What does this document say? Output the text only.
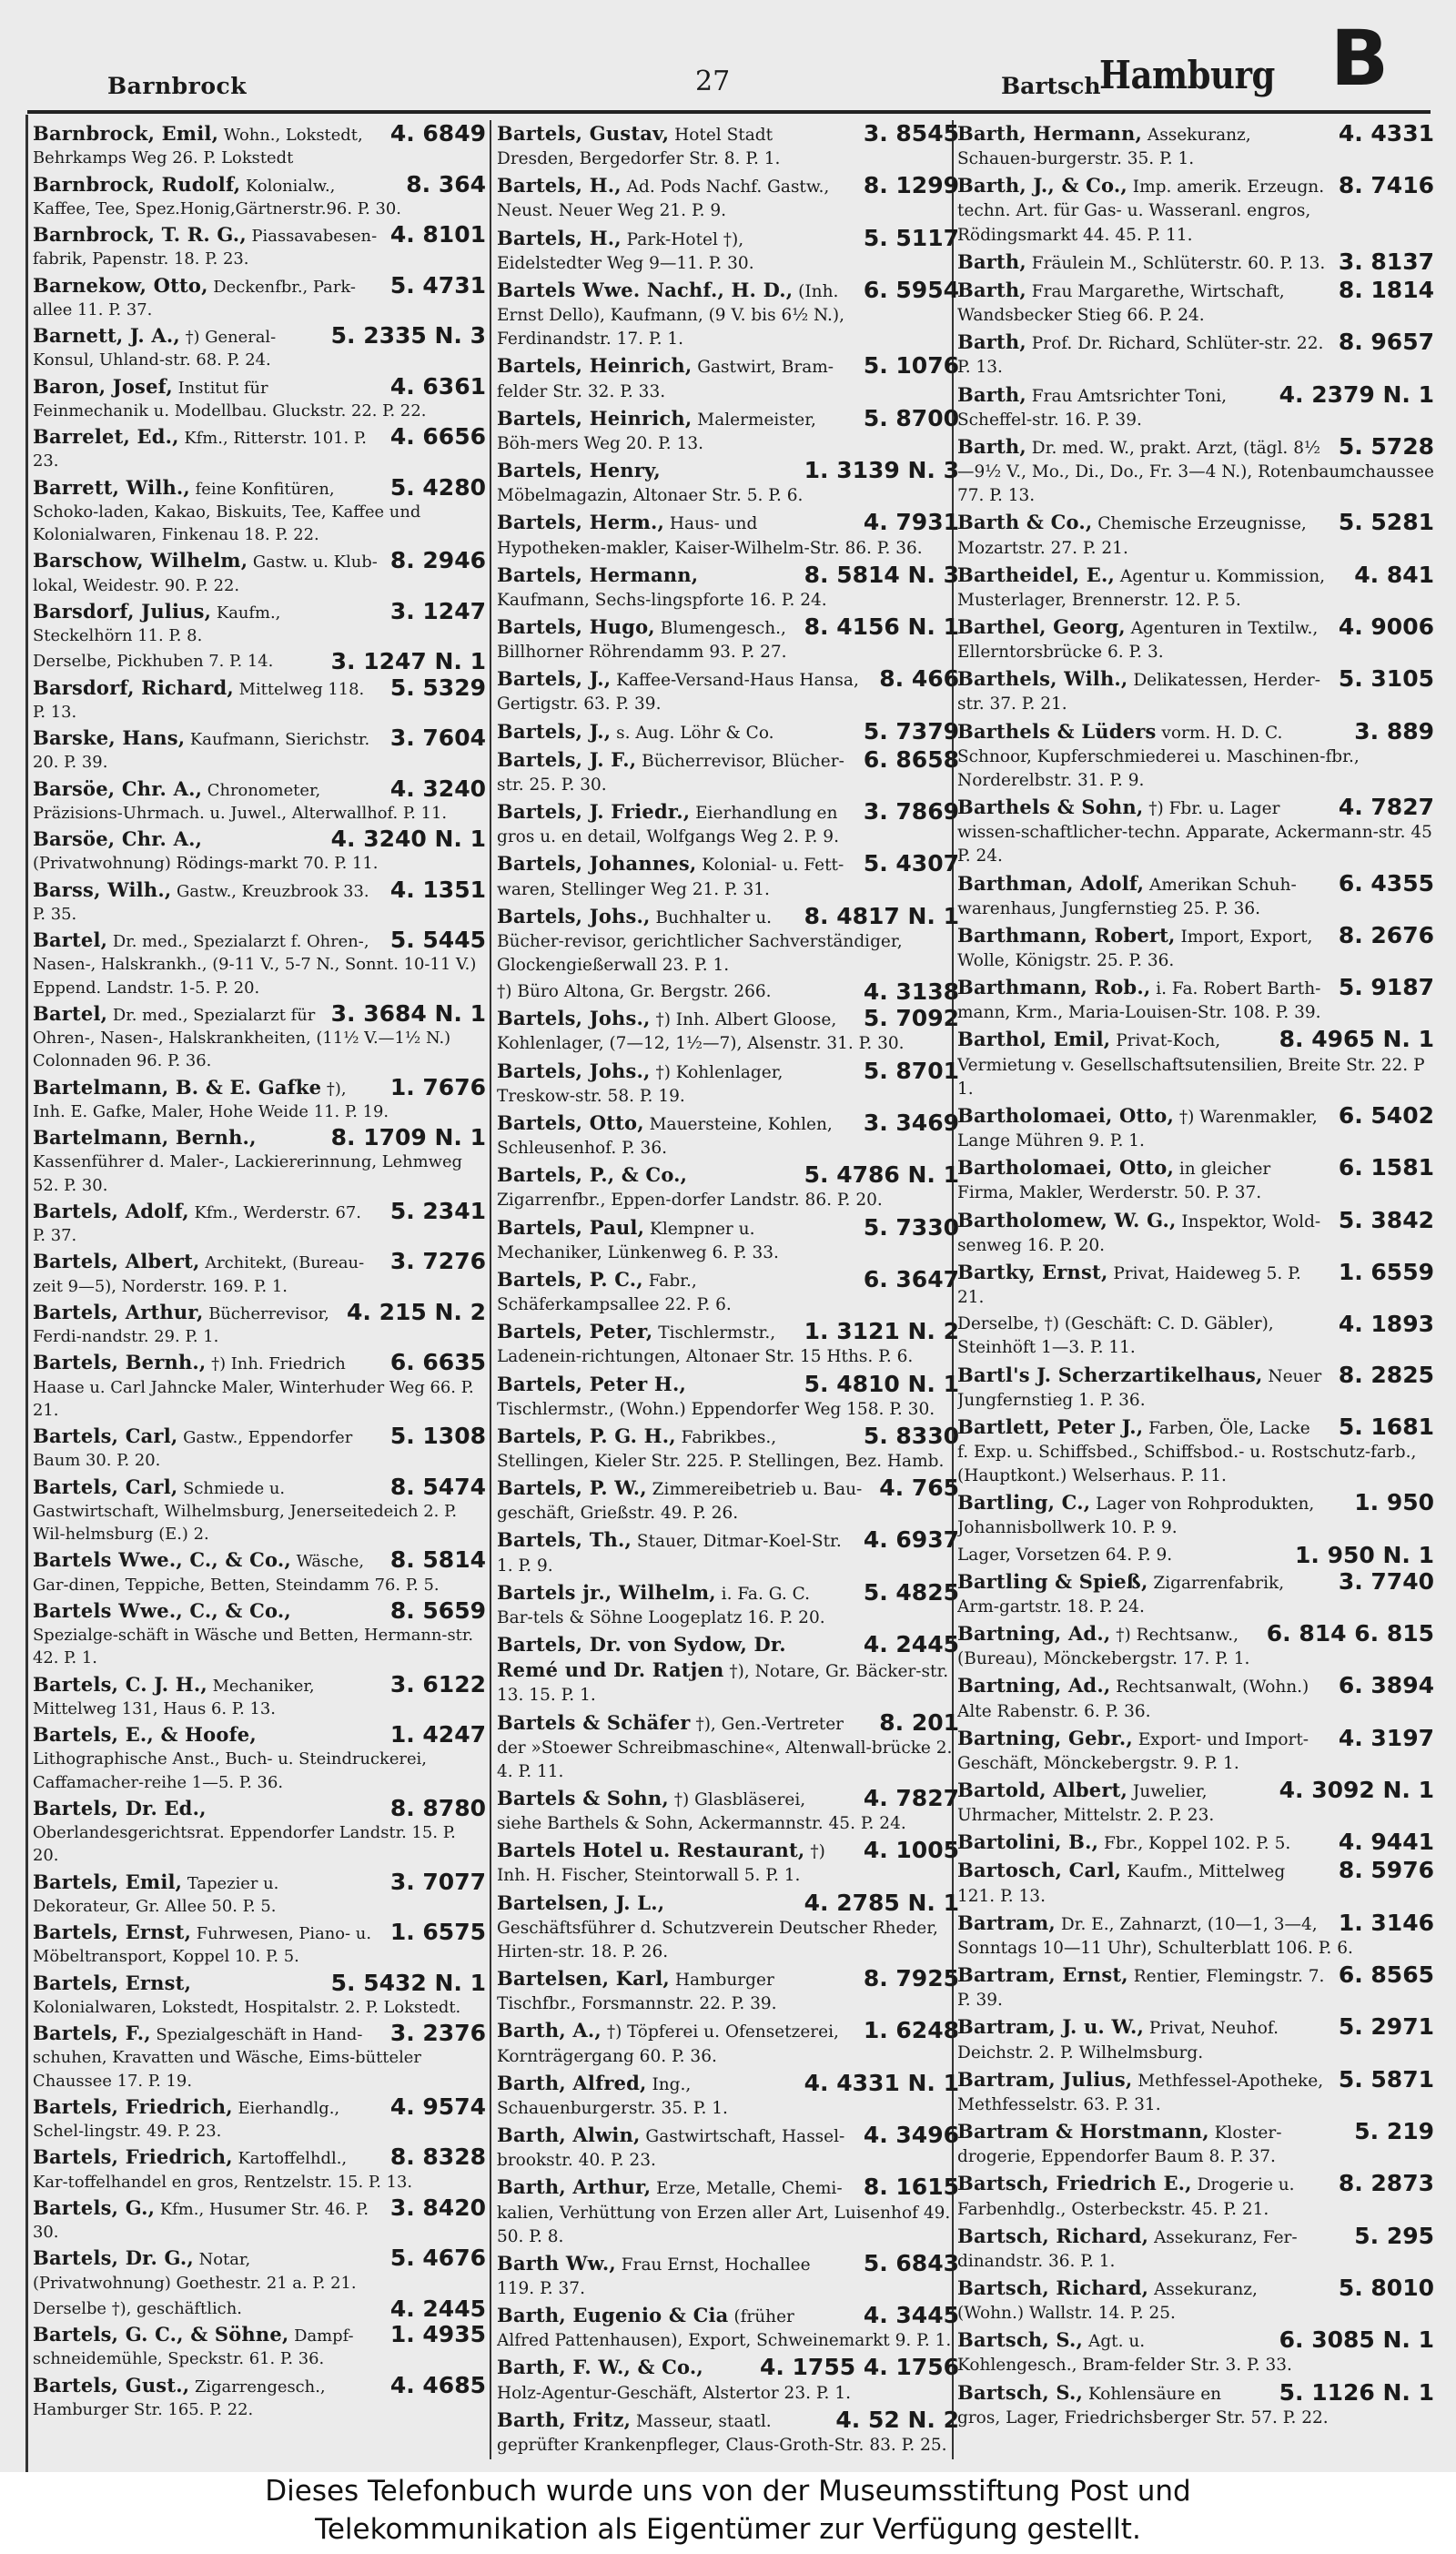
Barnbrock	27	Bartsch
Hamburg B
4. 6849
Barnbrock, Emil, Wohn., Lokstedt, Behrkamps Weg 26. P. Lokstedt
8. 364
Barnbrock, Rudolf, Kolonialw., Kaffee, Tee, Spez.Honig,Gärtnerstr.96. P. 30.
4. 8101
Barnbrock, T. R. G., Piassavabesen-fabrik, Papenstr. 18. P. 23.
5. 4731
Barnekow, Otto, Deckenfbr., Park-allee 11. P. 37.
5. 2335 N. 3
Barnett, J. A., †) General-Konsul, Uhland-str. 68. P. 24.
4. 6361
Baron, Josef, Institut für Feinmechanik u. Modellbau. Gluckstr. 22. P. 22.
4. 6656
Barrelet, Ed., Kfm., Ritterstr. 101. P. 23.
5. 4280
Barrett, Wilh., feine Konfitüren, Schoko-laden, Kakao, Biskuits, Tee, Kaffee und Kolonialwaren, Finkenau 18. P. 22.
8. 2946
Barschow, Wilhelm, Gastw. u. Klub-lokal, Weidestr. 90. P. 22.
3. 1247
Barsdorf, Julius, Kaufm., Steckelhörn 11. P. 8.
3. 1247 N. 1
Derselbe, Pickhuben 7. P. 14.
5. 5329
Barsdorf, Richard, Mittelweg 118. P. 13.
3. 7604
Barske, Hans, Kaufmann, Sierichstr. 20. P. 39.
4. 3240
Barsöe, Chr. A., Chronometer, Präzisions-Uhrmach. u. Juwel., Alterwallhof. P. 11.
4. 3240 N. 1
Barsöe, Chr. A., (Privatwohnung) Rödings-markt 70. P. 11.
4. 1351
Barss, Wilh., Gastw., Kreuzbrook 33. P. 35.
5. 5445
Bartel, Dr. med., Spezialarzt f. Ohren-, Nasen-, Halskrankh., (9-11 V., 5-7 N., Sonnt. 10-11 V.) Eppend. Landstr. 1-5. P. 20.
3. 3684 N. 1
Bartel, Dr. med., Spezialarzt für Ohren-, Nasen-, Halskrankheiten, (11½ V.—1½ N.) Colonnaden 96. P. 36.
1. 7676
Bartelmann, B. & E. Gafke †), Inh. E. Gafke, Maler, Hohe Weide 11. P. 19.
8. 1709 N. 1
Bartelmann, Bernh., Kassenführer d. Maler-, Lackiererinnung, Lehmweg 52. P. 30.
5. 2341
Bartels, Adolf, Kfm., Werderstr. 67. P. 37.
3. 7276
Bartels, Albert, Architekt, (Bureau-zeit 9—5), Norderstr. 169. P. 1.
4. 215 N. 2
Bartels, Arthur, Bücherrevisor, Ferdi-nandstr. 29. P. 1.
6. 6635
Bartels, Bernh., †) Inh. Friedrich Haase u. Carl Jahncke Maler, Winterhuder Weg 66. P. 21.
5. 1308
Bartels, Carl, Gastw., Eppendorfer Baum 30. P. 20.
8. 5474
Bartels, Carl, Schmiede u. Gastwirtschaft, Wilhelmsburg, Jenerseitedeich 2. P. Wil-helmsburg (E.) 2.
8. 5814
Bartels Wwe., C., & Co., Wäsche, Gar-dinen, Teppiche, Betten, Steindamm 76. P. 5.
8. 5659
Bartels Wwe., C., & Co., Spezialge-schäft in Wäsche und Betten, Hermann-str. 42. P. 1.
3. 6122
Bartels, C. J. H., Mechaniker, Mittelweg 131, Haus 6. P. 13.
1. 4247
Bartels, E., & Hoofe, Lithographische Anst., Buch- u. Steindruckerei, Caffamacher-reihe 1—5. P. 36.
8. 8780
Bartels, Dr. Ed., Oberlandesgerichtsrat. Eppendorfer Landstr. 15. P. 20.
3. 7077
Bartels, Emil, Tapezier u. Dekorateur, Gr. Allee 50. P. 5.
1. 6575
Bartels, Ernst, Fuhrwesen, Piano- u. Möbeltransport, Koppel 10. P. 5.
5. 5432 N. 1
Bartels, Ernst, Kolonialwaren, Lokstedt, Hospitalstr. 2. P. Lokstedt.
3. 2376
Bartels, F., Spezialgeschäft in Hand-schuhen, Kravatten und Wäsche, Eims-bütteler Chaussee 17. P. 19.
4. 9574
Bartels, Friedrich, Eierhandlg., Schel-lingstr. 49. P. 23.
8. 8328
Bartels, Friedrich, Kartoffelhdl., Kar-toffelhandel en gros, Rentzelstr. 15. P. 13.
3. 8420
Bartels, G., Kfm., Husumer Str. 46. P. 30.
5. 4676
Bartels, Dr. G., Notar, (Privatwohnung) Goethestr. 21 a. P. 21.
4. 2445
Derselbe †), geschäftlich.
1. 4935
Bartels, G. C., & Söhne, Dampf-schneidemühle, Speckstr. 61. P. 36.
4. 4685
Bartels, Gust., Zigarrengesch., Hamburger Str. 165. P. 22.
3. 8545
Bartels, Gustav, Hotel Stadt Dresden, Bergedorfer Str. 8. P. 1.
8. 1299
Bartels, H., Ad. Pods Nachf. Gastw., Neust. Neuer Weg 21. P. 9.
5. 5117
Bartels, H., Park-Hotel †), Eidelstedter Weg 9—11. P. 30.
6. 5954
Bartels Wwe. Nachf., H. D., (Inh. Ernst Dello), Kaufmann, (9 V. bis 6½ N.), Ferdinandstr. 17. P. 1.
5. 1076
Bartels, Heinrich, Gastwirt, Bram-felder Str. 32. P. 33.
5. 8700
Bartels, Heinrich, Malermeister, Böh-mers Weg 20. P. 13.
1. 3139 N. 3
Bartels, Henry, Möbelmagazin, Altonaer Str. 5. P. 6.
4. 7931
Bartels, Herm., Haus- und Hypotheken-makler, Kaiser-Wilhelm-Str. 86. P. 36.
8. 5814 N. 3
Bartels, Hermann, Kaufmann, Sechs-lingspforte 16. P. 24.
8. 4156 N. 1
Bartels, Hugo, Blumengesch., Billhorner Röhrendamm 93. P. 27.
8. 466
Bartels, J., Kaffee-Versand-Haus Hansa, Gertigstr. 63. P. 39.
5. 7379
Bartels, J., s. Aug. Löhr & Co.
6. 8658
Bartels, J. F., Bücherrevisor, Blücher-str. 25. P. 30.
3. 7869
Bartels, J. Friedr., Eierhandlung en gros u. en detail, Wolfgangs Weg 2. P. 9.
5. 4307
Bartels, Johannes, Kolonial- u. Fett-waren, Stellinger Weg 21. P. 31.
8. 4817 N. 1
Bartels, Johs., Buchhalter u. Bücher-revisor, gerichtlicher Sachverständiger, Glockengießerwall 23. P. 1.
4. 3138
†) Büro Altona, Gr. Bergstr. 266.
5. 7092
Bartels, Johs., †) Inh. Albert Gloose, Kohlenlager, (7—12, 1½—7), Alsenstr. 31. P. 30.
5. 8701
Bartels, Johs., †) Kohlenlager, Treskow-str. 58. P. 19.
3. 3469
Bartels, Otto, Mauersteine, Kohlen, Schleusenhof. P. 36.
5. 4786 N. 1
Bartels, P., & Co., Zigarrenfbr., Eppen-dorfer Landstr. 86. P. 20.
5. 7330
Bartels, Paul, Klempner u. Mechaniker, Lünkenweg 6. P. 33.
6. 3647
Bartels, P. C., Fabr., Schäferkampsallee 22. P. 6.
1. 3121 N. 2
Bartels, Peter, Tischlermstr., Ladenein-richtungen, Altonaer Str. 15 Hths. P. 6.
5. 4810 N. 1
Bartels, Peter H., Tischlermstr., (Wohn.) Eppendorfer Weg 158. P. 30.
5. 8330
Bartels, P. G. H., Fabrikbes., Stellingen, Kieler Str. 225. P. Stellingen, Bez. Hamb.
4. 765
Bartels, P. W., Zimmereibetrieb u. Bau-geschäft, Grießstr. 49. P. 26.
4. 6937
Bartels, Th., Stauer, Ditmar-Koel-Str. 1. P. 9.
5. 4825
Bartels jr., Wilhelm, i. Fa. G. C. Bar-tels & Söhne Loogeplatz 16. P. 20.
4. 2445
Bartels, Dr. von Sydow, Dr. Remé und Dr. Ratjen †), Notare, Gr. Bäcker-str. 13. 15. P. 1.
8. 201
Bartels & Schäfer †), Gen.-Vertreter der »Stoewer Schreibmaschine«, Altenwall-brücke 2. 4. P. 11.
4. 7827
Bartels & Sohn, †) Glasbläserei, siehe Barthels & Sohn, Ackermannstr. 45. P. 24.
4. 1005
Bartels Hotel u. Restaurant, †) Inh. H. Fischer, Steintorwall 5. P. 1.
4. 2785 N. 1
Bartelsen, J. L., Geschäftsführer d. Schutzverein Deutscher Rheder, Hirten-str. 18. P. 26.
8. 7925
Bartelsen, Karl, Hamburger Tischfbr., Forsmannstr. 22. P. 39.
1. 6248
Barth, A., †) Töpferei u. Ofensetzerei, Kornträgergang 60. P. 36.
4. 4331 N. 1
Barth, Alfred, Ing., Schauenburgerstr. 35. P. 1.
4. 3496
Barth, Alwin, Gastwirtschaft, Hassel-brookstr. 40. P. 23.
8. 1615
Barth, Arthur, Erze, Metalle, Chemi-kalien, Verhüttung von Erzen aller Art, Luisenhof 49. 50. P. 8.
5. 6843
Barth Ww., Frau Ernst, Hochallee 119. P. 37.
4. 3445
Barth, Eugenio & Cia (früher Alfred Pattenhausen), Export, Schweinemarkt 9. P. 1.
4. 1755 4. 1756
Barth, F. W., & Co., Holz-Agentur-Geschäft, Alstertor 23. P. 1.
4. 52 N. 2
Barth, Fritz, Masseur, staatl. geprüfter Krankenpfleger, Claus-Groth-Str. 83. P. 25.
4. 4331
Barth, Hermann, Assekuranz, Schauen-burgerstr. 35. P. 1.
8. 7416
Barth, J., & Co., Imp. amerik. Erzeugn. techn. Art. für Gas- u. Wasseranl. engros, Rödingsmarkt 44. 45. P. 11.
3. 8137
Barth, Fräulein M., Schlüterstr. 60. P. 13.
8. 1814
Barth, Frau Margarethe, Wirtschaft, Wandsbecker Stieg 66. P. 24.
8. 9657
Barth, Prof. Dr. Richard, Schlüter-str. 22. P. 13.
4. 2379 N. 1
Barth, Frau Amtsrichter Toni, Scheffel-str. 16. P. 39.
5. 5728
Barth, Dr. med. W., prakt. Arzt, (tägl. 8½—9½ V., Mo., Di., Do., Fr. 3—4 N.), Rotenbaumchaussee 77. P. 13.
5. 5281
Barth & Co., Chemische Erzeugnisse, Mozartstr. 27. P. 21.
4. 841
Bartheidel, E., Agentur u. Kommission, Musterlager, Brennerstr. 12. P. 5.
4. 9006
Barthel, Georg, Agenturen in Textilw., Ellerntorsbrücke 6. P. 3.
5. 3105
Barthels, Wilh., Delikatessen, Herder-str. 37. P. 21.
3. 889
Barthels & Lüders vorm. H. D. C. Schnoor, Kupferschmiederei u. Maschinen-fbr., Norderelbstr. 31. P. 9.
4. 7827
Barthels & Sohn, †) Fbr. u. Lager wissen-schaftlicher-techn. Apparate, Ackermann-str. 45 P. 24.
6. 4355
Barthman, Adolf, Amerikan Schuh-warenhaus, Jungfernstieg 25. P. 36.
8. 2676
Barthmann, Robert, Import, Export, Wolle, Königstr. 25. P. 36.
5. 9187
Barthmann, Rob., i. Fa. Robert Barth-mann, Krm., Maria-Louisen-Str. 108. P. 39.
8. 4965 N. 1
Barthol, Emil, Privat-Koch, Vermietung v. Gesellschaftsutensilien, Breite Str. 22. P 1.
6. 5402
Bartholomaei, Otto, †) Warenmakler, Lange Mühren 9. P. 1.
6. 1581
Bartholomaei, Otto, in gleicher Firma, Makler, Werderstr. 50. P. 37.
5. 3842
Bartholomew, W. G., Inspektor, Wold-senweg 16. P. 20.
1. 6559
Bartky, Ernst, Privat, Haideweg 5. P. 21.
4. 1893
Derselbe, †) (Geschäft: C. D. Gäbler), Steinhöft 1—3. P. 11.
8. 2825
Bartl's J. Scherzartikelhaus, Neuer Jungfernstieg 1. P. 36.
5. 1681
Bartlett, Peter J., Farben, Öle, Lacke f. Exp. u. Schiffsbed., Schiffsbod.- u. Rostschutz-farb., (Hauptkont.) Welserhaus. P. 11.
1. 950
Bartling, C., Lager von Rohprodukten, Johannisbollwerk 10. P. 9.
1. 950 N. 1
Lager, Vorsetzen 64. P. 9.
3. 7740
Bartling & Spieß, Zigarrenfabrik, Arm-gartstr. 18. P. 24.
6. 814 6. 815
Bartning, Ad., †) Rechtsanw., (Bureau), Mönckebergstr. 17. P. 1.
6. 3894
Bartning, Ad., Rechtsanwalt, (Wohn.) Alte Rabenstr. 6. P. 36.
4. 3197
Bartning, Gebr., Export- und Import-Geschäft, Mönckebergstr. 9. P. 1.
4. 3092 N. 1
Bartold, Albert, Juwelier, Uhrmacher, Mittelstr. 2. P. 23.
4. 9441
Bartolini, B., Fbr., Koppel 102. P. 5.
8. 5976
Bartosch, Carl, Kaufm., Mittelweg 121. P. 13.
1. 3146
Bartram, Dr. E., Zahnarzt, (10—1, 3—4, Sonntags 10—11 Uhr), Schulterblatt 106. P. 6.
6. 8565
Bartram, Ernst, Rentier, Flemingstr. 7. P. 39.
5. 2971
Bartram, J. u. W., Privat, Neuhof. Deichstr. 2. P. Wilhelmsburg.
5. 5871
Bartram, Julius, Methfessel-Apotheke, Methfesselstr. 63. P. 31.
5. 219
Bartram & Horstmann, Kloster-drogerie, Eppendorfer Baum 8. P. 37.
8. 2873
Bartsch, Friedrich E., Drogerie u. Farbenhdlg., Osterbeckstr. 45. P. 21.
5. 295
Bartsch, Richard, Assekuranz, Fer-dinandstr. 36. P. 1.
5. 8010
Bartsch, Richard, Assekuranz, (Wohn.) Wallstr. 14. P. 25.
6. 3085 N. 1
Bartsch, S., Agt. u. Kohlengesch., Bram-felder Str. 3. P. 33.
5. 1126 N. 1
Bartsch, S., Kohlensäure en gros, Lager, Friedrichsberger Str. 57. P. 22.
Dieses Telefonbuch wurde uns von der Museumsstiftung Post und
Telekommunikation als Eigentümer zur Verfügung gestellt.
